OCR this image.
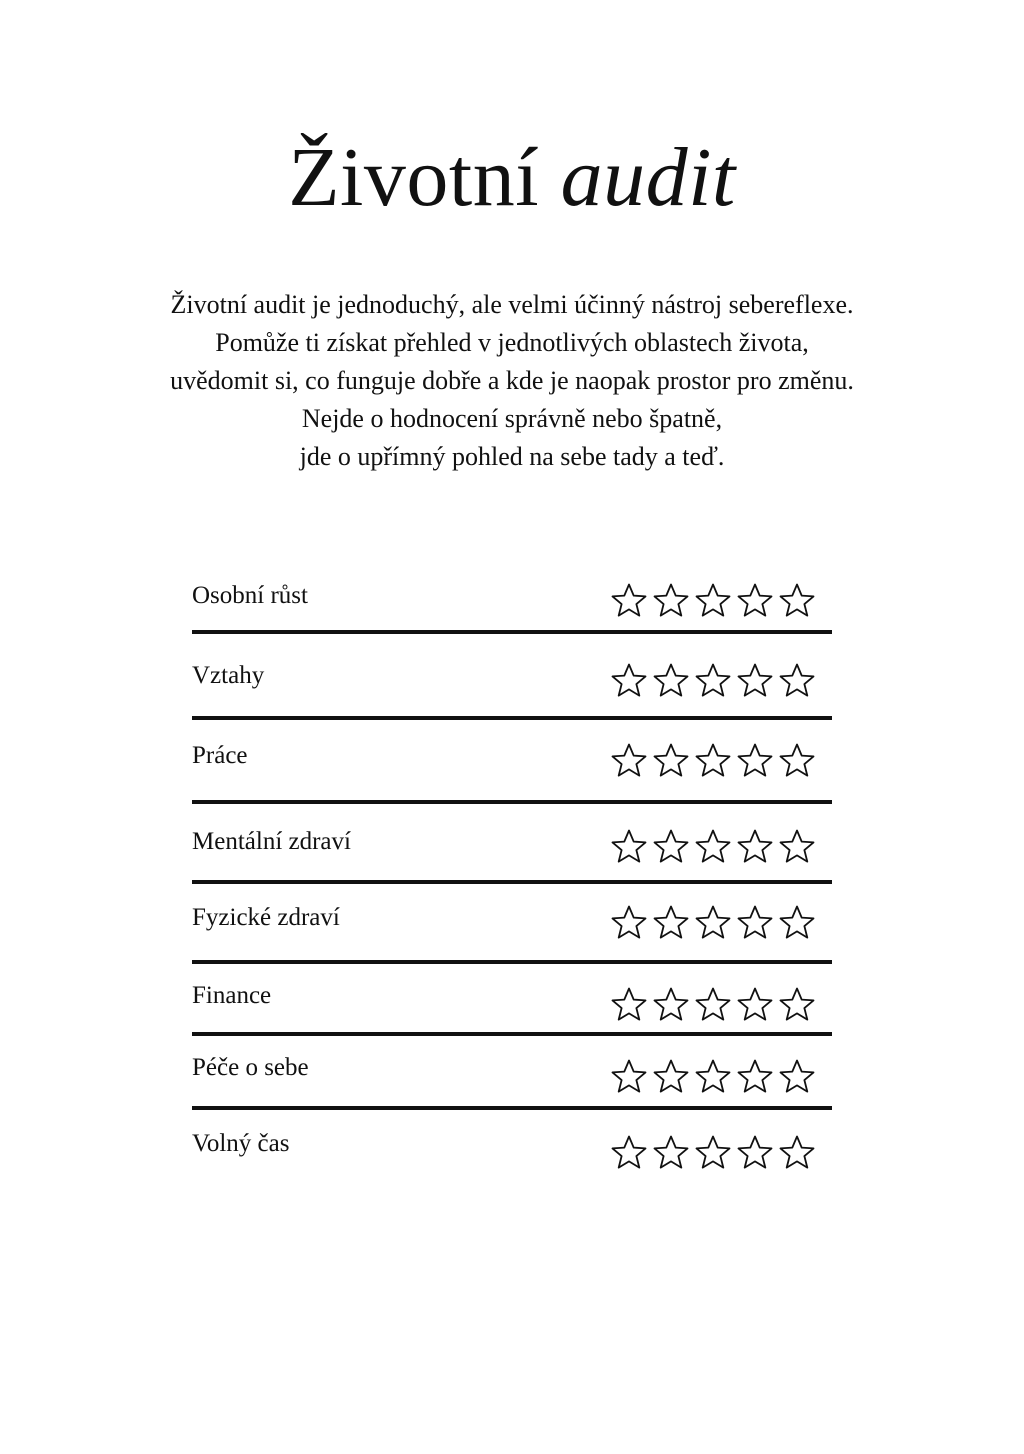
Životní audit
Životní audit je jednoduchý, ale velmi účinný nástroj sebereflexe.
Pomůže ti získat přehled v jednotlivých oblastech života,
uvědomit si, co funguje dobře a kde je naopak prostor pro změnu.
Nejde o hodnocení správně nebo špatně,
jde o upřímný pohled na sebe tady a teď.
Osobní růst
Vztahy
Práce
Mentální zdraví
Fyzické zdraví
Finance
Péče o sebe
Volný čas
